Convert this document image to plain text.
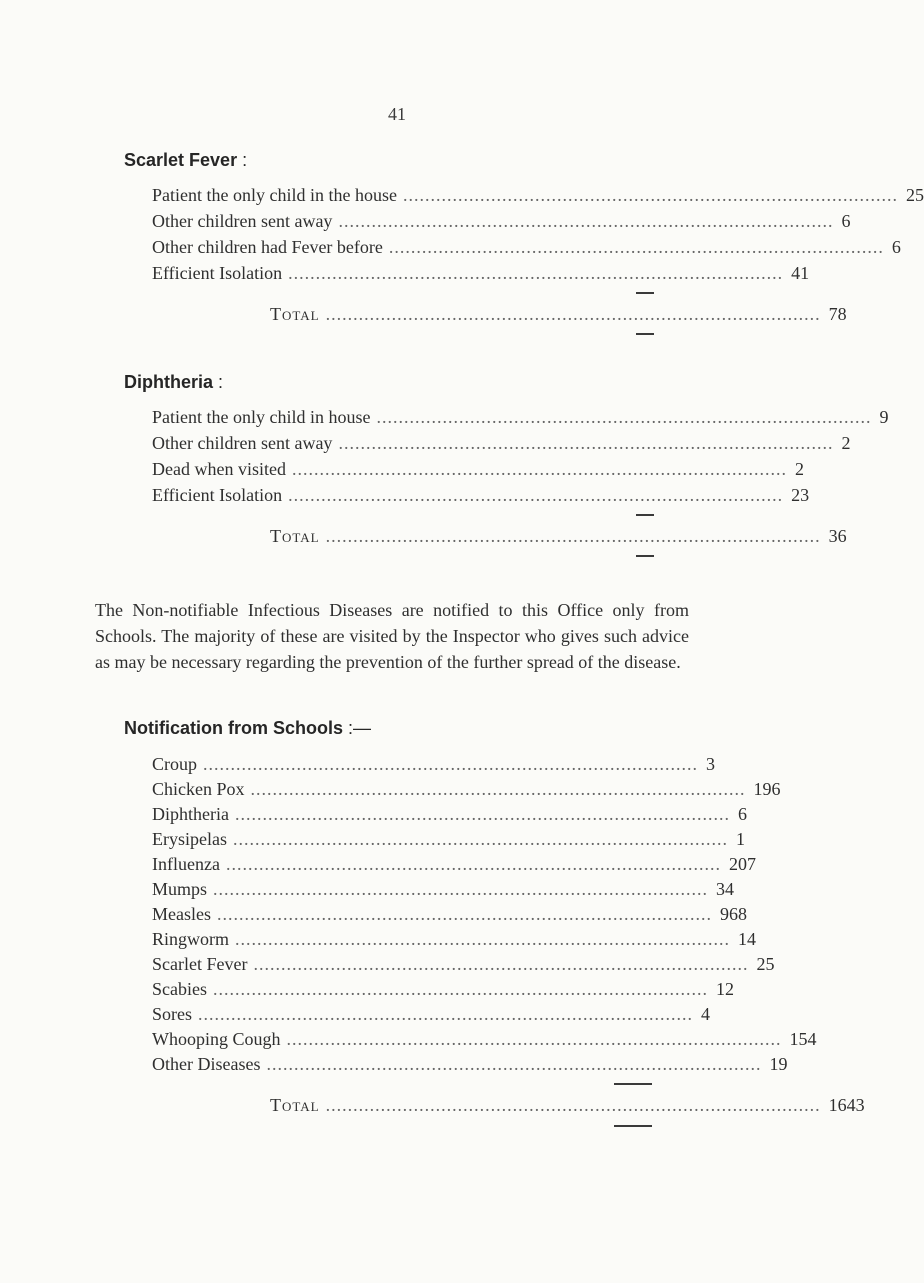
41
Scarlet Fever :
Patient the only child in the house .......................................................................................... 25
Other children sent away .......................................................................................... 6
Other children had Fever before .......................................................................................... 6
Efficient Isolation .......................................................................................... 41
Total .......................................................................................... 78
Diphtheria :
Patient the only child in house .......................................................................................... 9
Other children sent away .......................................................................................... 2
Dead when visited .......................................................................................... 2
Efficient Isolation .......................................................................................... 23
Total .......................................................................................... 36

The Non-notifiable Infectious Diseases are notified to this Office only from Schools. The majority of these are visited by the Inspector who gives such advice as may be necessary regarding the prevention of the further spread of the disease.

Notification from Schools :—
Croup .......................................................................................... 3
Chicken Pox .......................................................................................... 196
Diphtheria .......................................................................................... 6
Erysipelas .......................................................................................... 1
Influenza .......................................................................................... 207
Mumps .......................................................................................... 34
Measles .......................................................................................... 968
Ringworm .......................................................................................... 14
Scarlet Fever .......................................................................................... 25
Scabies .......................................................................................... 12
Sores .......................................................................................... 4
Whooping Cough .......................................................................................... 154
Other Diseases .......................................................................................... 19
Total .......................................................................................... 1643
